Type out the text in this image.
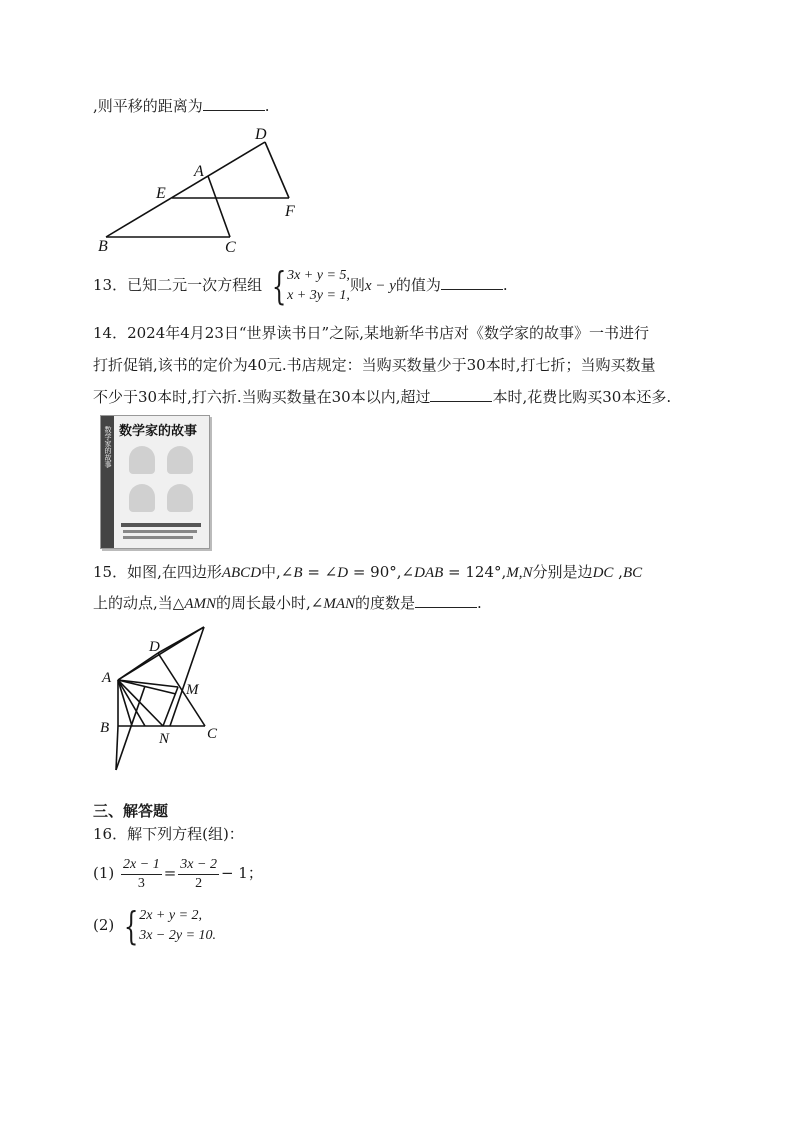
,则平移的距离为	.
D
A
E
F
B	C
13．已知二元一次方程组 { 3x + y = 5,
x + 3y = 1,
则x − y的值为	.
14．2024年4月23日“世界读书日”之际,某地新华书店对《数学家的故事》一书进行
打折促销,该书的定价为40元.书店规定：当购买数量少于30本时,打七折；当购买数量
不少于30本时,打六折.当购买数量在30本以内,超过	本时,花费比购买30本还多.
数学家的故事 数学家的故事
15．如图,在四边形ABCD中,∠B = ∠D = 90°,∠DAB = 124°,M,N分别是边DC ,BC
上的动点,当△AMN的周长最小时,∠MAN的度数是	.
D
A
M
B
N	C
三、解答题
16．解下列方程(组)：
$(1) \frac{2x - 1}{3} = \frac{3x - 2}{2} - 1$；
(2) { 2x + y = 2,
3x − 2y = 10.
